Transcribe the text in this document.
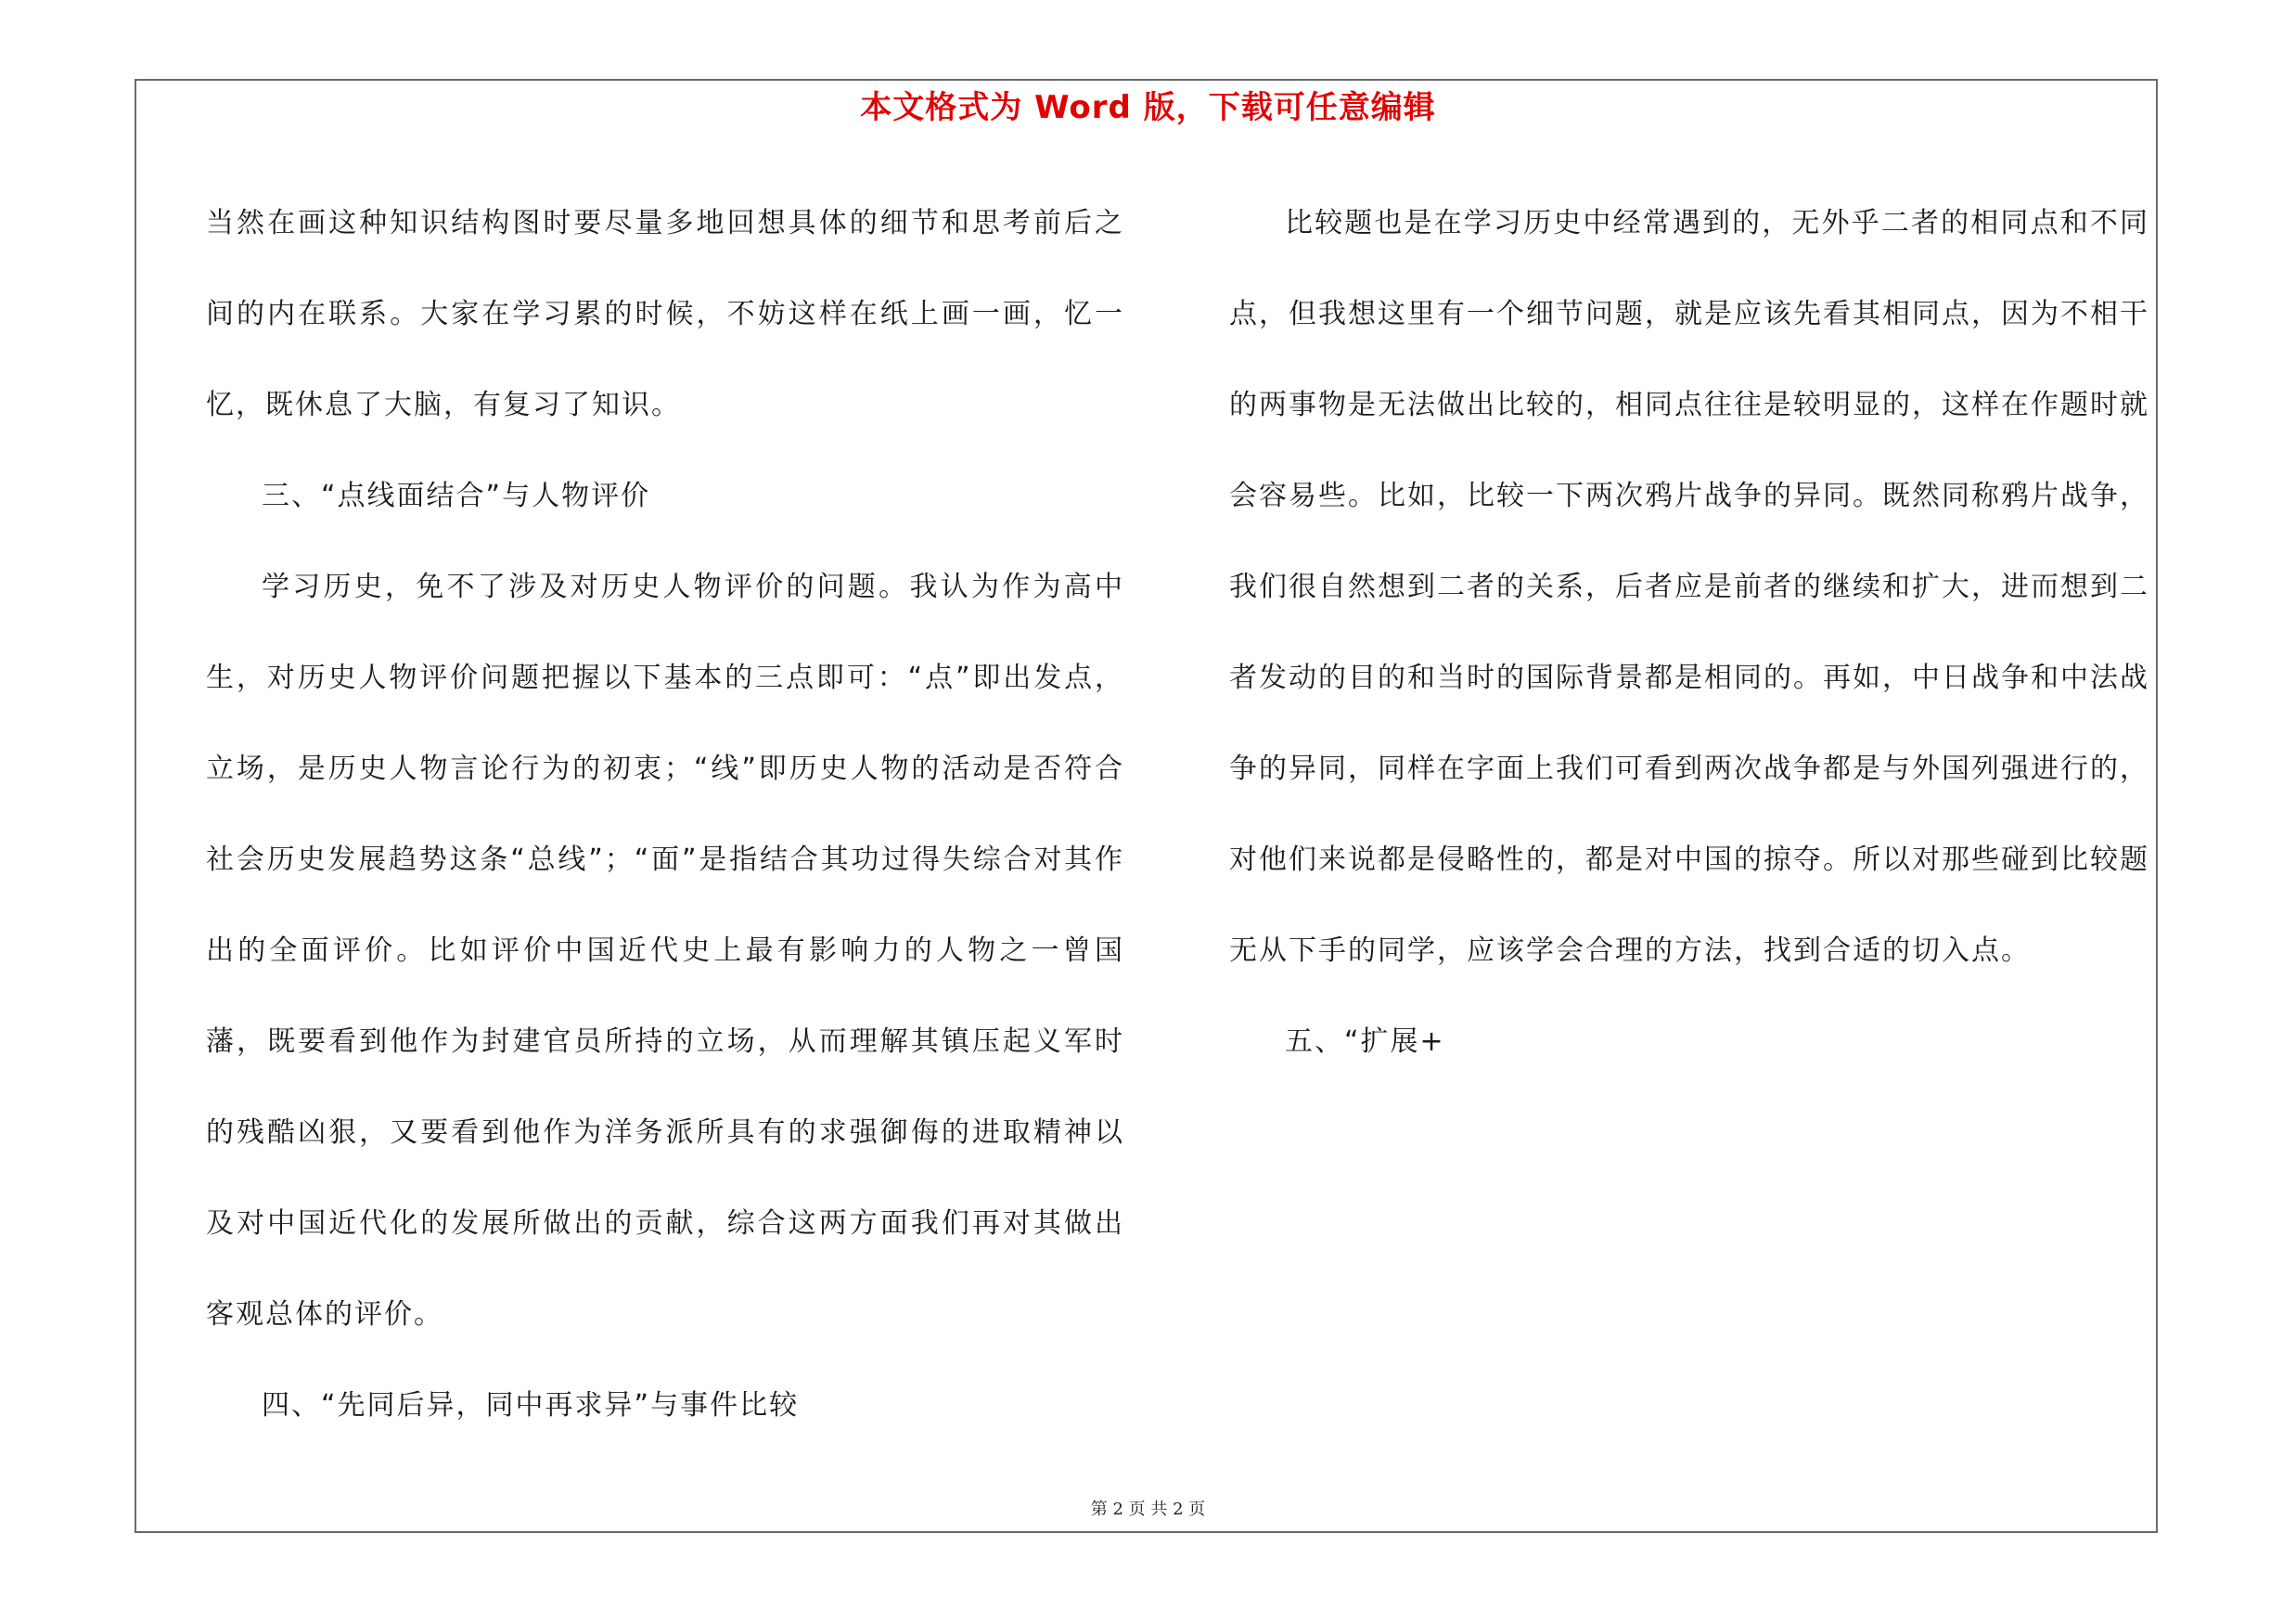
本文格式为 Word 版，下载可任意编辑

当然在画这种知识结构图时要尽量多地回想具体的细节和思考前后之间的内在联系。大家在学习累的时候，不妨这样在纸上画一画，忆一忆，既休息了大脑，有复习了知识。

三、“点线面结合”与人物评价

学习历史，免不了涉及对历史人物评价的问题。我认为作为高中生，对历史人物评价问题把握以下基本的三点即可：“点”即出发点，立场，是历史人物言论行为的初衷；“线”即历史人物的活动是否符合社会历史发展趋势这条“总线”；“面”是指结合其功过得失综合对其作出的全面评价。比如评价中国近代史上最有影响力的人物之一曾国藩，既要看到他作为封建官员所持的立场，从而理解其镇压起义军时的残酷凶狠，又要看到他作为洋务派所具有的求强御侮的进取精神以及对中国近代化的发展所做出的贡献，综合这两方面我们再对其做出客观总体的评价。

四、“先同后异，同中再求异”与事件比较

比较题也是在学习历史中经常遇到的，无外乎二者的相同点和不同点，但我想这里有一个细节问题，就是应该先看其相同点，因为不相干的两事物是无法做出比较的，相同点往往是较明显的，这样在作题时就会容易些。比如，比较一下两次鸦片战争的异同。既然同称鸦片战争，我们很自然想到二者的关系，后者应是前者的继续和扩大，进而想到二者发动的目的和当时的国际背景都是相同的。再如，中日战争和中法战争的异同，同样在字面上我们可看到两次战争都是与外国列强进行的，对他们来说都是侵略性的，都是对中国的掠夺。所以对那些碰到比较题无从下手的同学，应该学会合理的方法，找到合适的切入点。

五、“扩展+

第 2 页 共 2 页
